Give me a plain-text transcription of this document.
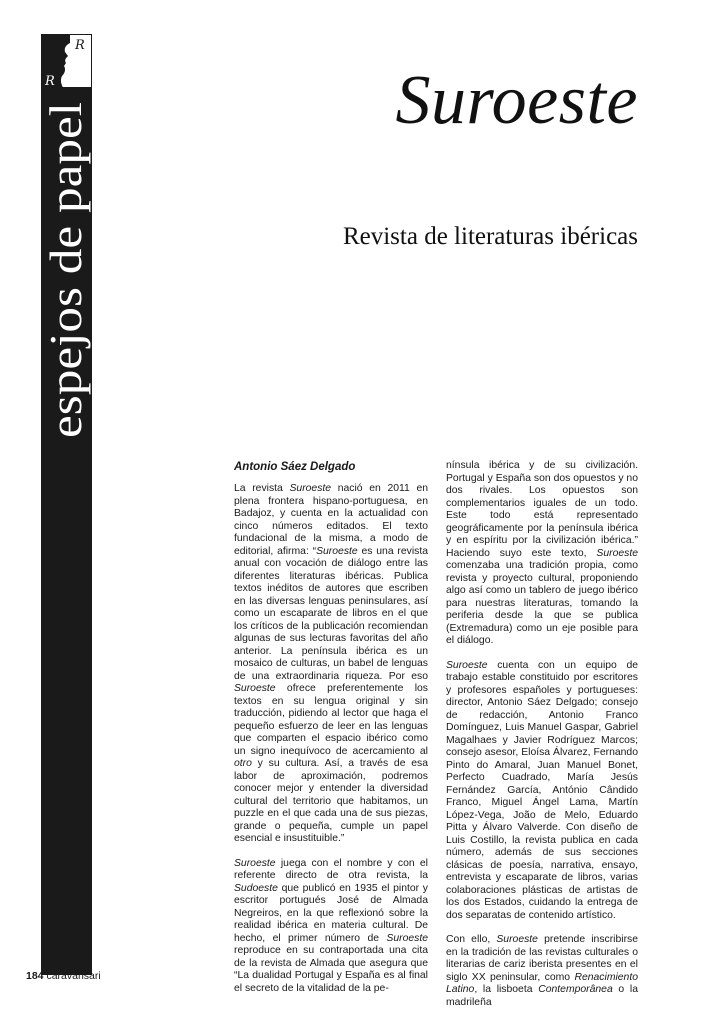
R
R
espejos de papel
Suroeste
Revista de literaturas ibéricas
Antonio Sáez Delgado

La revista Suroeste nació en 2011 en plena frontera hispano-portuguesa, en Badajoz, y cuenta en la actualidad con cinco números editados. El texto fundacional de la misma, a modo de editorial, afirma: “Suroeste es una revista anual con vocación de diálogo entre las diferentes literaturas ibéricas. Publica textos inéditos de autores que escriben en las diversas lenguas peninsulares, así como un escaparate de libros en el que los críticos de la publicación recomiendan algunas de sus lecturas favoritas del año anterior. La península ibérica es un mosaico de culturas, un babel de lenguas de una extraordinaria riqueza. Por eso Suroeste ofrece preferentemente los textos en su lengua original y sin traducción, pidiendo al lector que haga el pequeño esfuerzo de leer en las lenguas que comparten el espacio ibérico como un signo inequívoco de acercamiento al otro y su cultura. Así, a través de esa labor de aproximación, podremos conocer mejor y entender la diversidad cultural del territorio que habitamos, un puzzle en el que cada una de sus piezas, grande o pequeña, cumple un papel esencial e insustituible.”

Suroeste juega con el nombre y con el referente directo de otra revista, la Sudoeste que publicó en 1935 el pintor y escritor portugués José de Almada Negreiros, en la que reflexionó sobre la realidad ibérica en materia cultural. De hecho, el primer número de Suroeste reproduce en su contraportada una cita de la revista de Almada que asegura que “La dualidad Portugal y España es al final el secreto de la vitalidad de la pe-

nínsula ibérica y de su civilización. Portugal y España son dos opuestos y no dos rivales. Los opuestos son complementarios iguales de un todo. Este todo está representado geográficamente por la península ibérica y en espíritu por la civilización ibérica.” Haciendo suyo este texto, Suroeste comenzaba una tradición propia, como revista y proyecto cultural, proponiendo algo así como un tablero de juego ibérico para nuestras literaturas, tomando la periferia desde la que se publica (Extremadura) como un eje posible para el diálogo.

Suroeste cuenta con un equipo de trabajo estable constituido por escritores y profesores españoles y portugueses: director, Antonio Sáez Delgado; consejo de redacción, Antonio Franco Domínguez, Luis Manuel Gaspar, Gabriel Magalhaes y Javier Rodríguez Marcos; consejo asesor, Eloísa Álvarez, Fernando Pinto do Amaral, Juan Manuel Bonet, Perfecto Cuadrado, María Jesús Fernández García, António Cândido Franco, Miguel Ángel Lama, Martín López-Vega, João de Melo, Eduardo Pitta y Álvaro Valverde. Con diseño de Luis Costillo, la revista publica en cada número, además de sus secciones clásicas de poesía, narrativa, ensayo, entrevista y escaparate de libros, varias colaboraciones plásticas de artistas de los dos Estados, cuidando la entrega de dos separatas de contenido artístico.

Con ello, Suroeste pretende inscribirse en la tradición de las revistas culturales o literarias de cariz iberista presentes en el siglo XX peninsular, como Renacimiento Latino, la lisboeta Contemporânea o la madrileña

184 caravansari
